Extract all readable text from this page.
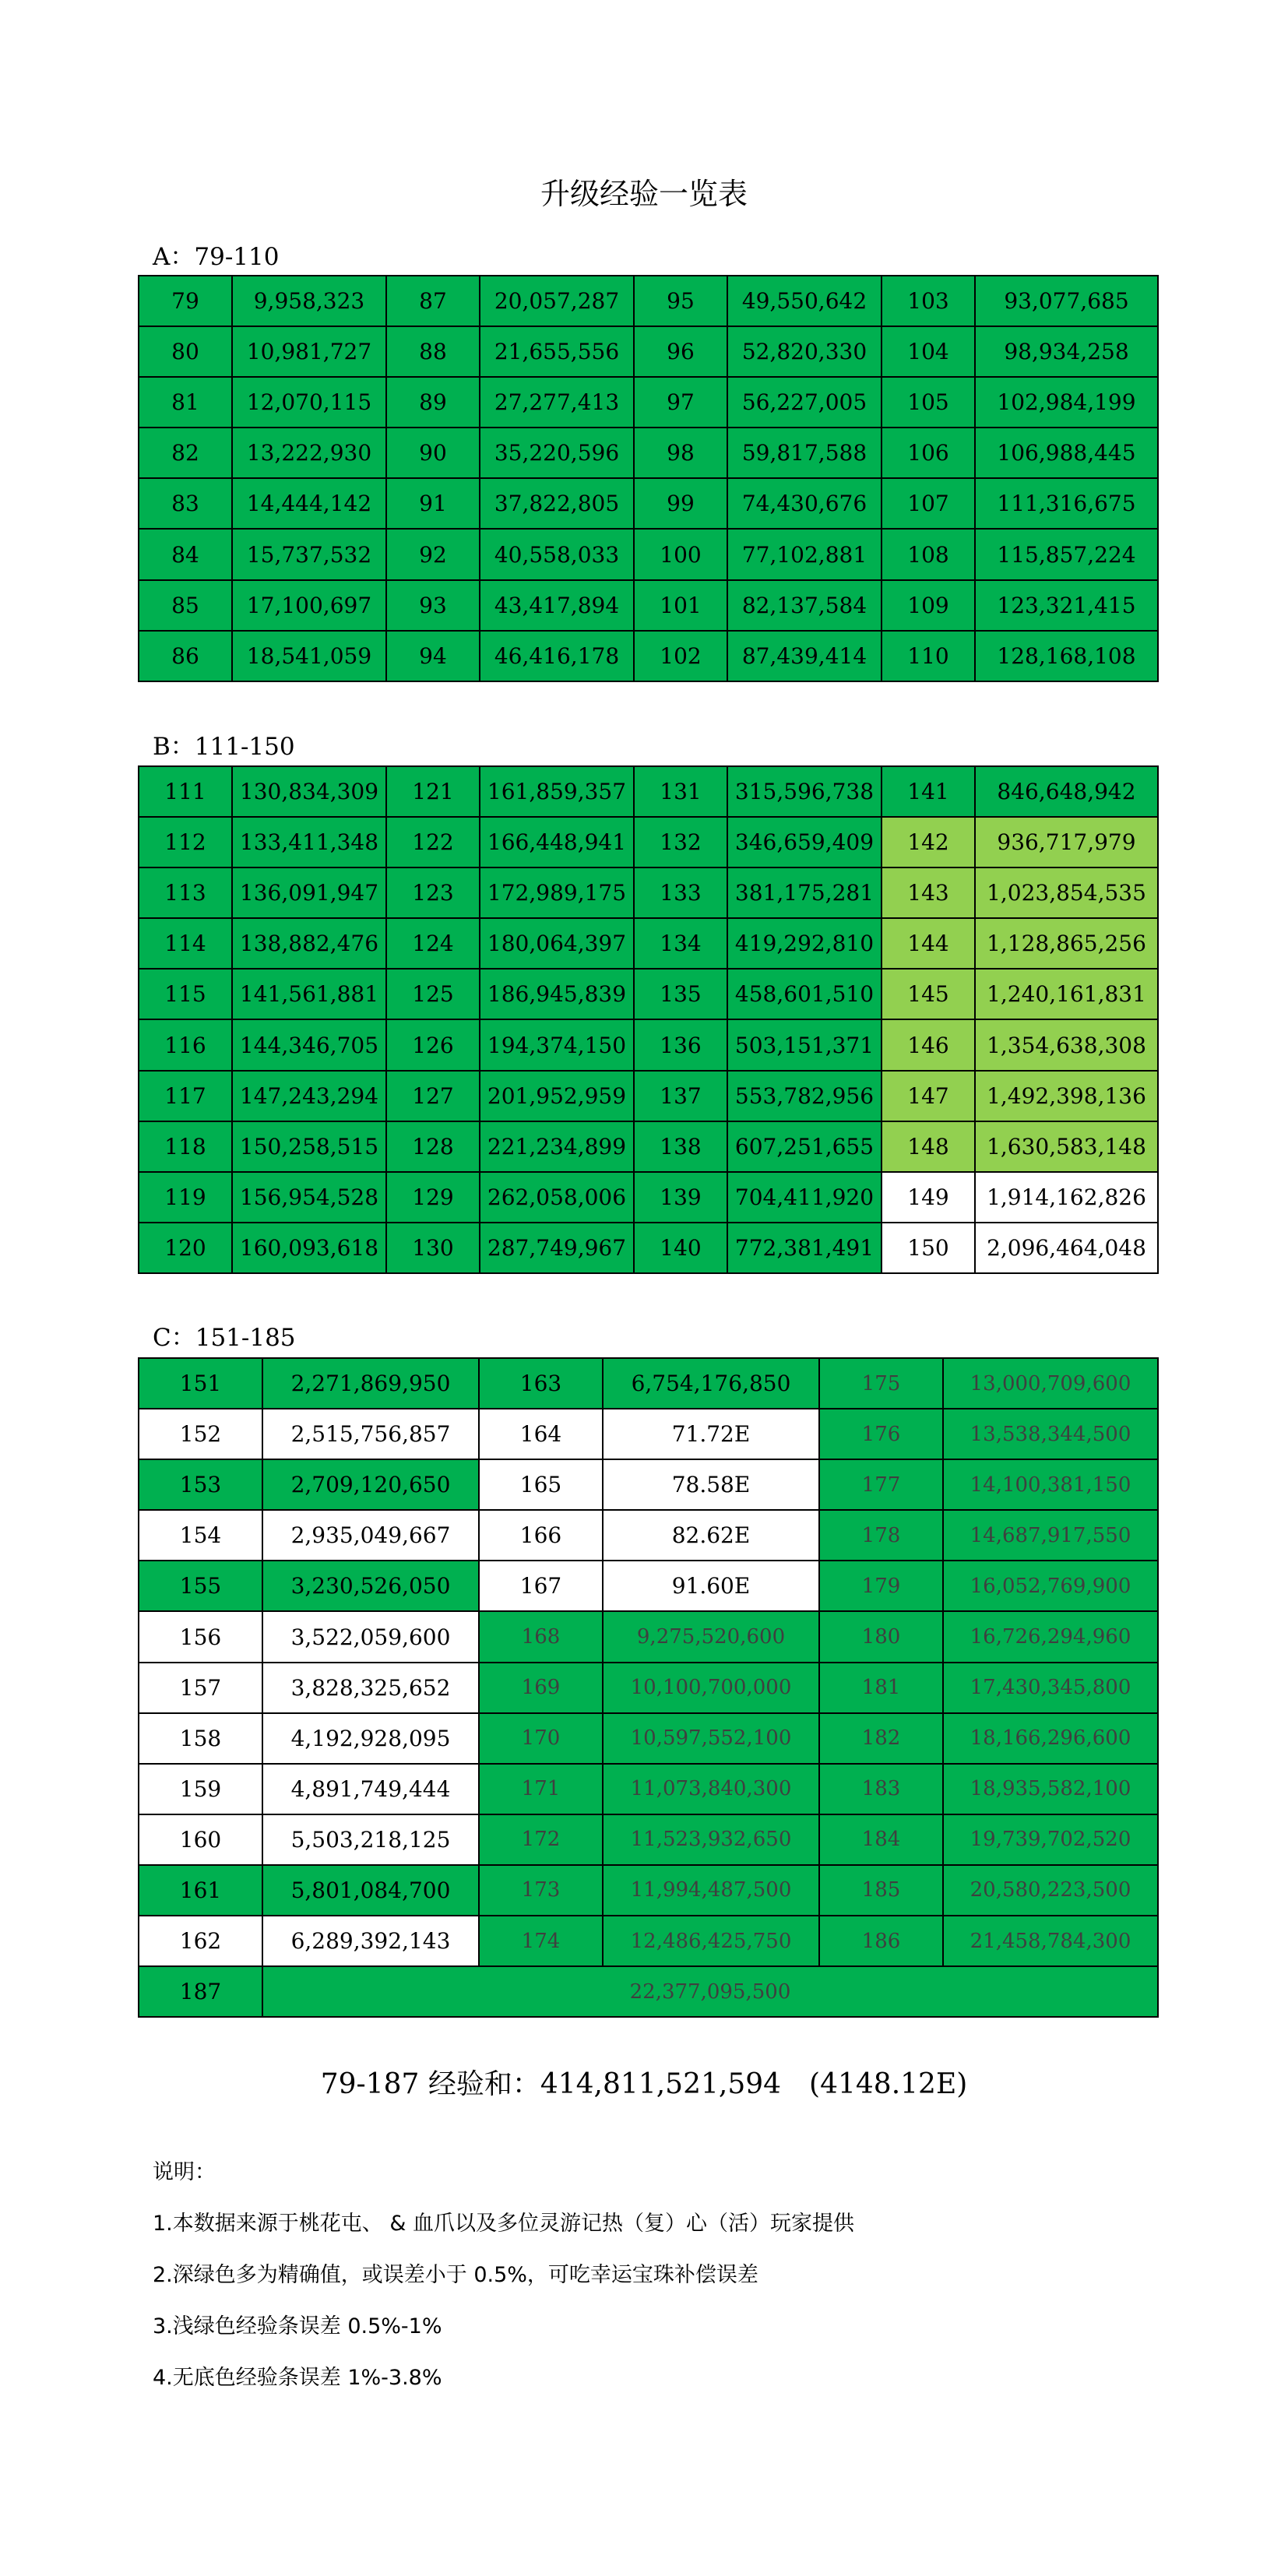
升级经验一览表
A：79-110
79	9,958,323	87	20,057,287	95	49,550,642	103	93,077,685
80	10,981,727	88	21,655,556	96	52,820,330	104	98,934,258
81	12,070,115	89	27,277,413	97	56,227,005	105	102,984,199
82	13,222,930	90	35,220,596	98	59,817,588	106	106,988,445
83	14,444,142	91	37,822,805	99	74,430,676	107	111,316,675
84	15,737,532	92	40,558,033	100	77,102,881	108	115,857,224
85	17,100,697	93	43,417,894	101	82,137,584	109	123,321,415
86	18,541,059	94	46,416,178	102	87,439,414	110	128,168,108
B：111-150
111	130,834,309	121	161,859,357	131	315,596,738	141	846,648,942
112	133,411,348	122	166,448,941	132	346,659,409	142	936,717,979
113	136,091,947	123	172,989,175	133	381,175,281	143	1,023,854,535
114	138,882,476	124	180,064,397	134	419,292,810	144	1,128,865,256
115	141,561,881	125	186,945,839	135	458,601,510	145	1,240,161,831
116	144,346,705	126	194,374,150	136	503,151,371	146	1,354,638,308
117	147,243,294	127	201,952,959	137	553,782,956	147	1,492,398,136
118	150,258,515	128	221,234,899	138	607,251,655	148	1,630,583,148
119	156,954,528	129	262,058,006	139	704,411,920	149	1,914,162,826
120	160,093,618	130	287,749,967	140	772,381,491	150	2,096,464,048
C：151-185
151	2,271,869,950	163	6,754,176,850	175	13,000,709,600
152	2,515,756,857	164	71.72E	176	13,538,344,500
153	2,709,120,650	165	78.58E	177	14,100,381,150
154	2,935,049,667	166	82.62E	178	14,687,917,550
155	3,230,526,050	167	91.60E	179	16,052,769,900
156	3,522,059,600	168	9,275,520,600	180	16,726,294,960
157	3,828,325,652	169	10,100,700,000	181	17,430,345,800
158	4,192,928,095	170	10,597,552,100	182	18,166,296,600
159	4,891,749,444	171	11,073,840,300	183	18,935,582,100
160	5,503,218,125	172	11,523,932,650	184	19,739,702,520
161	5,801,084,700	173	11,994,487,500	185	20,580,223,500
162	6,289,392,143	174	12,486,425,750	186	21,458,784,300
187	22,377,095,500				
79-187 经验和：414,811,521,594　(4148.12E)
说明：
1.本数据来源于桃花屯、 & 血爪以及多位灵游记热（复）心（活）玩家提供
2.深绿色多为精确值，或误差小于 0.5%，可吃幸运宝珠补偿误差
3.浅绿色经验条误差 0.5%-1%
4.无底色经验条误差 1%-3.8%
